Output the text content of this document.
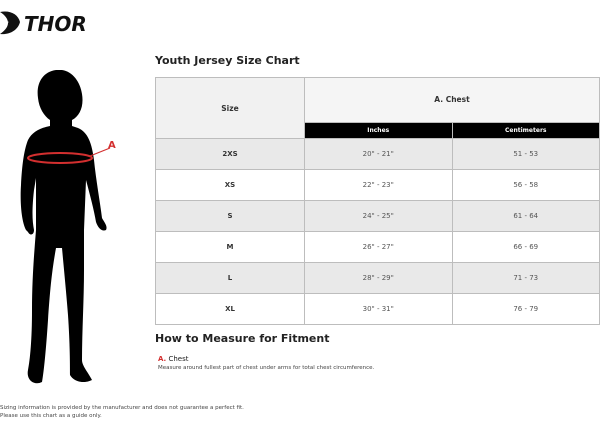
THOR
A
Youth Jersey Size Chart
Size	A. Chest	
	Inches	Centimeters
2XS	20" - 21"	51 - 53
XS	22" - 23"	56 - 58
S	24" - 25"	61 - 64
M	26" - 27"	66 - 69
L	28" - 29"	71 - 73
XL	30" - 31"	76 - 79
How to Measure for Fitment
A. Chest
Measure around fullest part of chest under arms for total chest circumference.
Sizing information is provided by the manufacturer and does not guarantee a perfect fit.
Please use this chart as a guide only.
